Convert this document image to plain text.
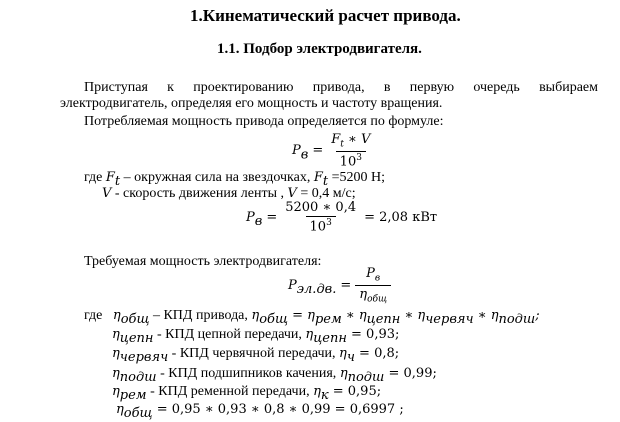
1.Кинематический расчет привода.
1.1. Подбор электродвигателя.
Приступая к проектированию привода, в первую очередь выбираем
электродвигатель, определяя его мощность и частоту вращения.
Потребляемая мощность привода определяется по формуле:
$P_в = \frac{F_t ∗ V}{10^3}$
где $F_t$ – окружная сила на звездочках, $F_t =5200$ Н;
V - скорость движения ленты , V = 0,4 м/с;
$P_в = \frac{5200 ∗ 0,4}{10^3} = 2,08$ кВт
Требуемая мощность электродвигателя:
$P_{эл.дв.} = \frac{P_в}{\eta_{общ}}$
где $\eta_{общ}$ – КПД привода, $\eta_{общ} = \eta_{рем}$ ∗ $\eta_{цепн}$ ∗ $\eta_{червяч}$ ∗ $\eta_{подш}$;
$\eta_{цепн}$ - КПД цепной передачи, $\eta_{цепн} = 0,93$;
$\eta_{червяч}$ - КПД червячной передачи, $\eta_ч = 0,8$;
$\eta_{подш}$ - КПД подшипников качения, $\eta_{подш} = 0,99$;
$\eta_{рем}$ - КПД ременной передачи, $\eta_к = 0,95$;
$\eta_{общ} = 0,95$ ∗ 0,93 ∗ 0,8 ∗ 0,99 = 0,6997 ;
